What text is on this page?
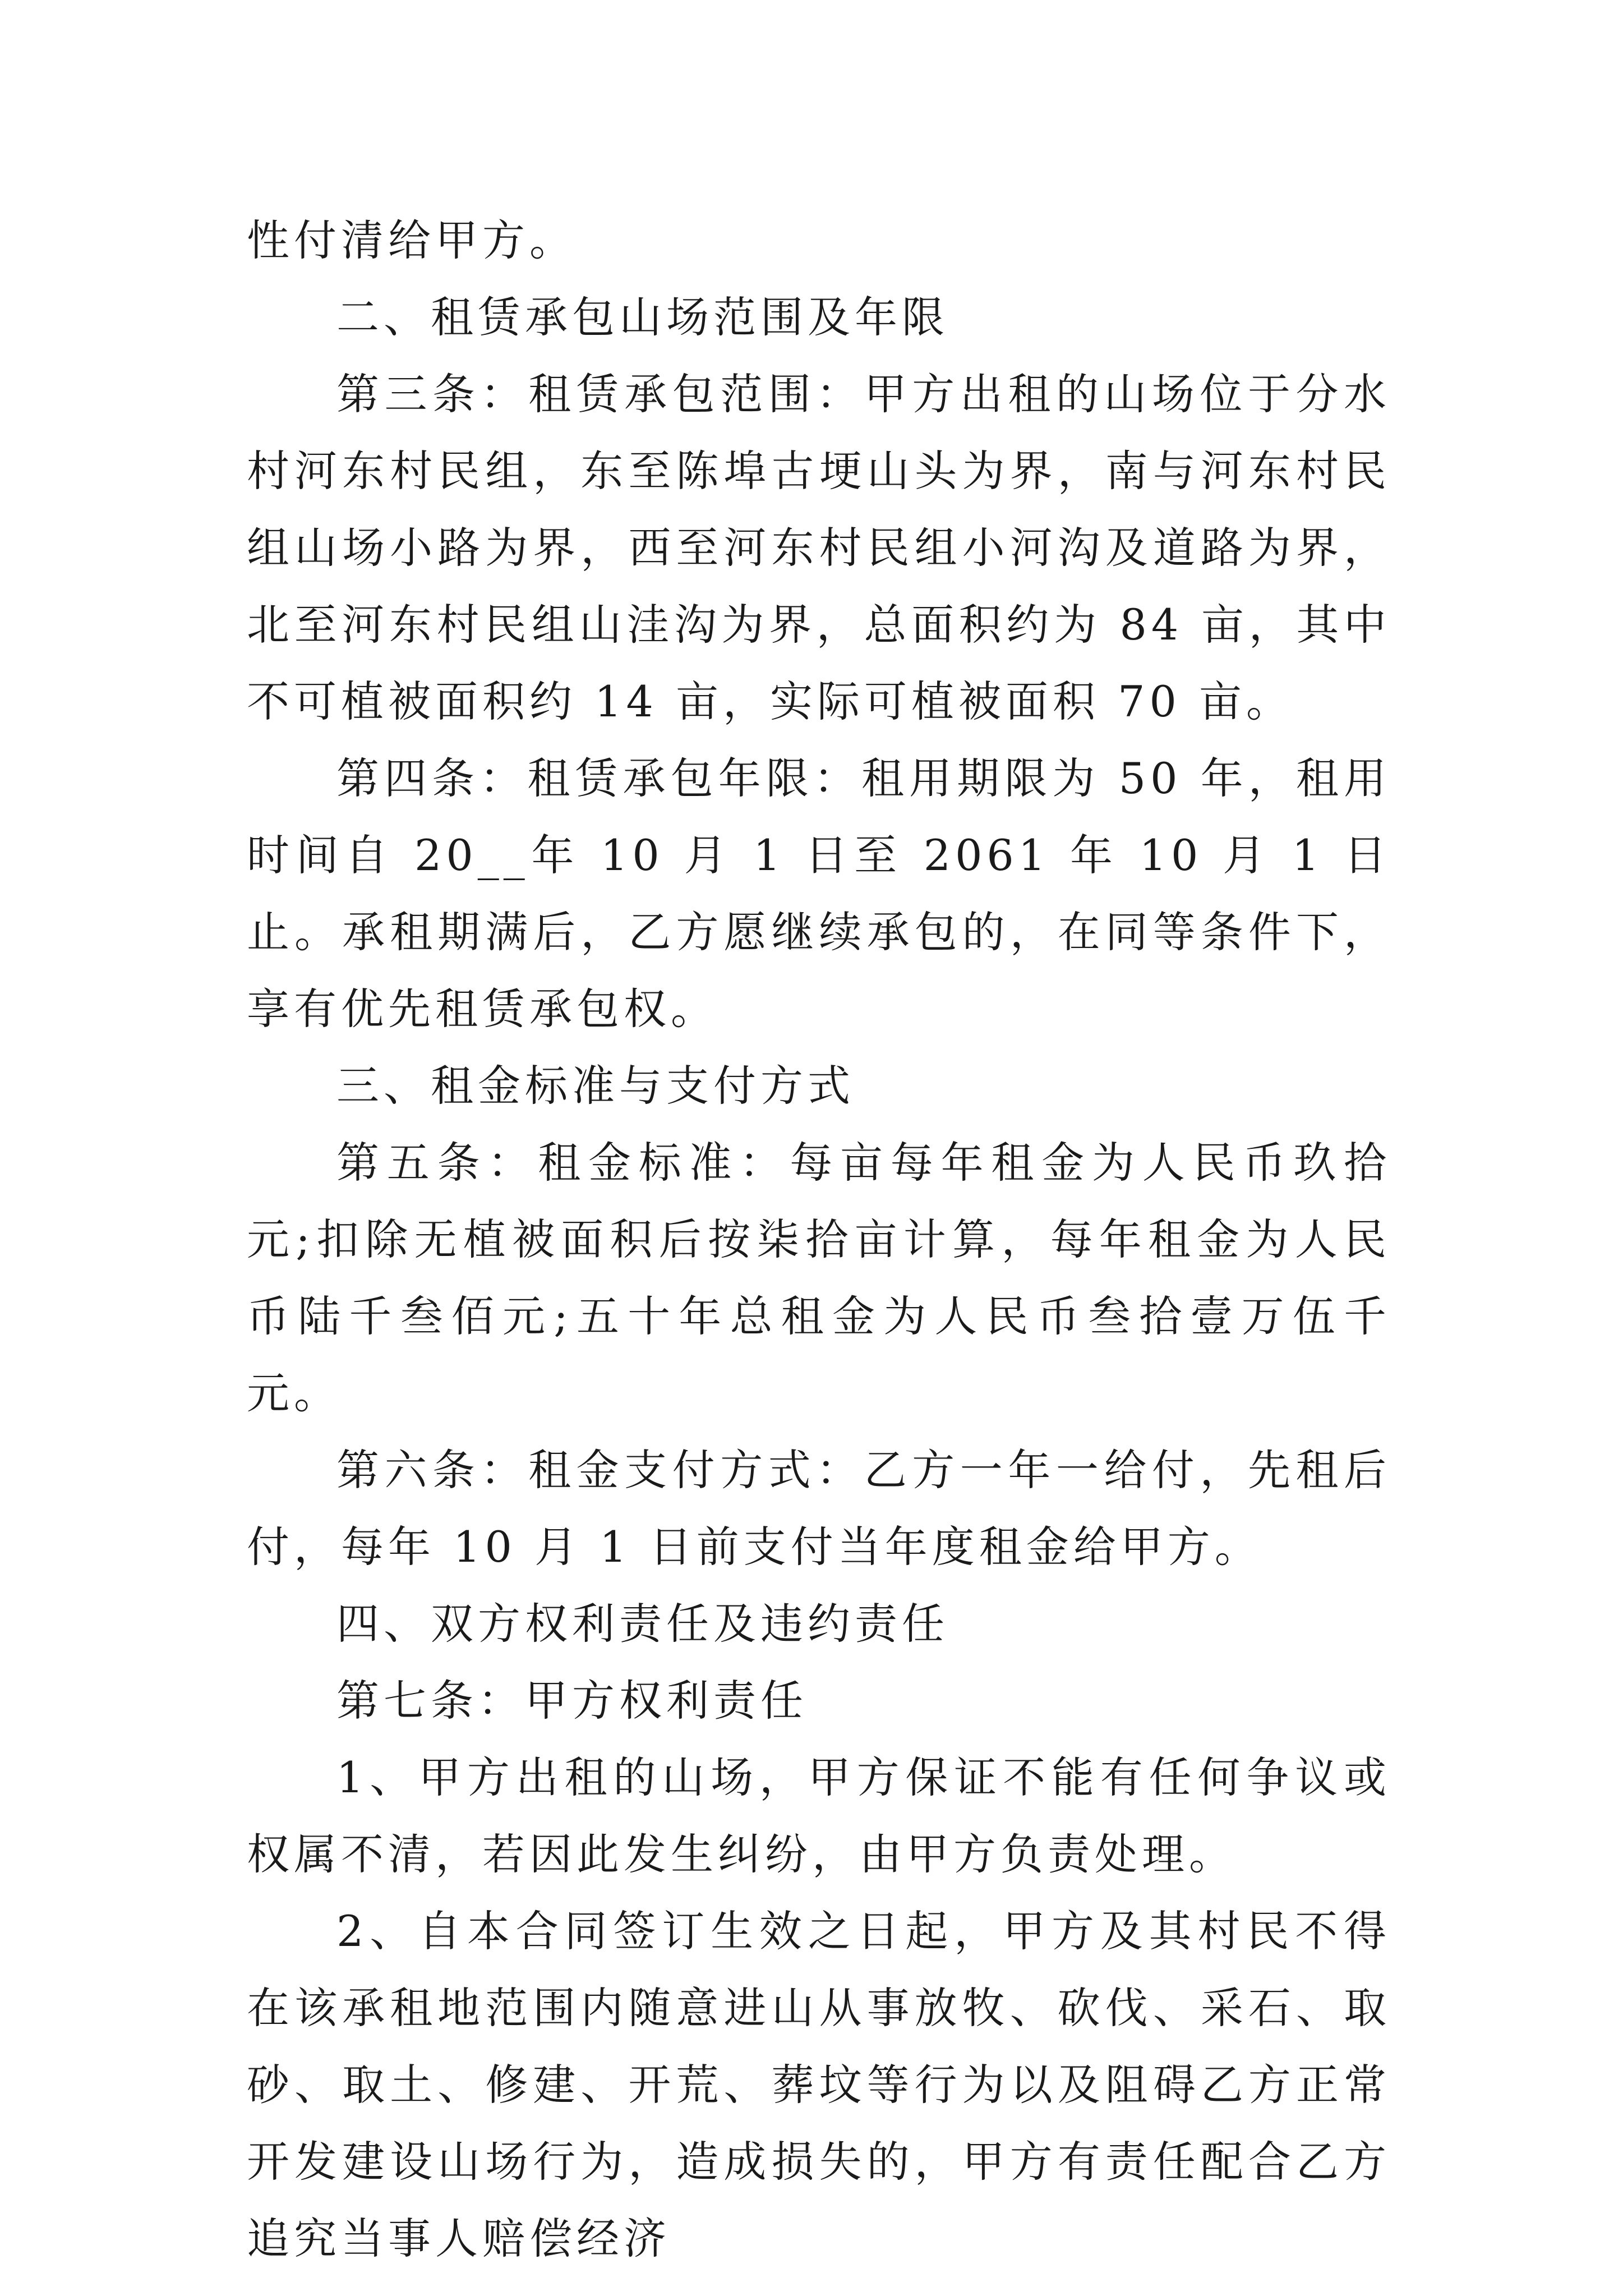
性付清给甲方。

二、租赁承包山场范围及年限

第三条：租赁承包范围：甲方出租的山场位于分水村河东村民组，东至陈埠古埂山头为界，南与河东村民组山场小路为界，西至河东村民组小河沟及道路为界，北至河东村民组山洼沟为界，总面积约为 84 亩，其中不可植被面积约 14 亩，实际可植被面积 70 亩。

第四条：租赁承包年限：租用期限为 50 年，租用时间自 20__年 10 月 1 日至 2061 年 10 月 1 日止。承租期满后，乙方愿继续承包的，在同等条件下，享有优先租赁承包权。

三、租金标准与支付方式

第五条：租金标准：每亩每年租金为人民币玖拾元;扣除无植被面积后按柒拾亩计算，每年租金为人民币陆千叁佰元;五十年总租金为人民币叁拾壹万伍千元。

第六条：租金支付方式：乙方一年一给付，先租后付，每年 10 月 1 日前支付当年度租金给甲方。

四、双方权利责任及违约责任

第七条：甲方权利责任

1、甲方出租的山场，甲方保证不能有任何争议或权属不清，若因此发生纠纷，由甲方负责处理。

2、自本合同签订生效之日起，甲方及其村民不得在该承租地范围内随意进山从事放牧、砍伐、采石、取砂、取土、修建、开荒、葬坟等行为以及阻碍乙方正常开发建设山场行为，造成损失的，甲方有责任配合乙方追究当事人赔偿经济
